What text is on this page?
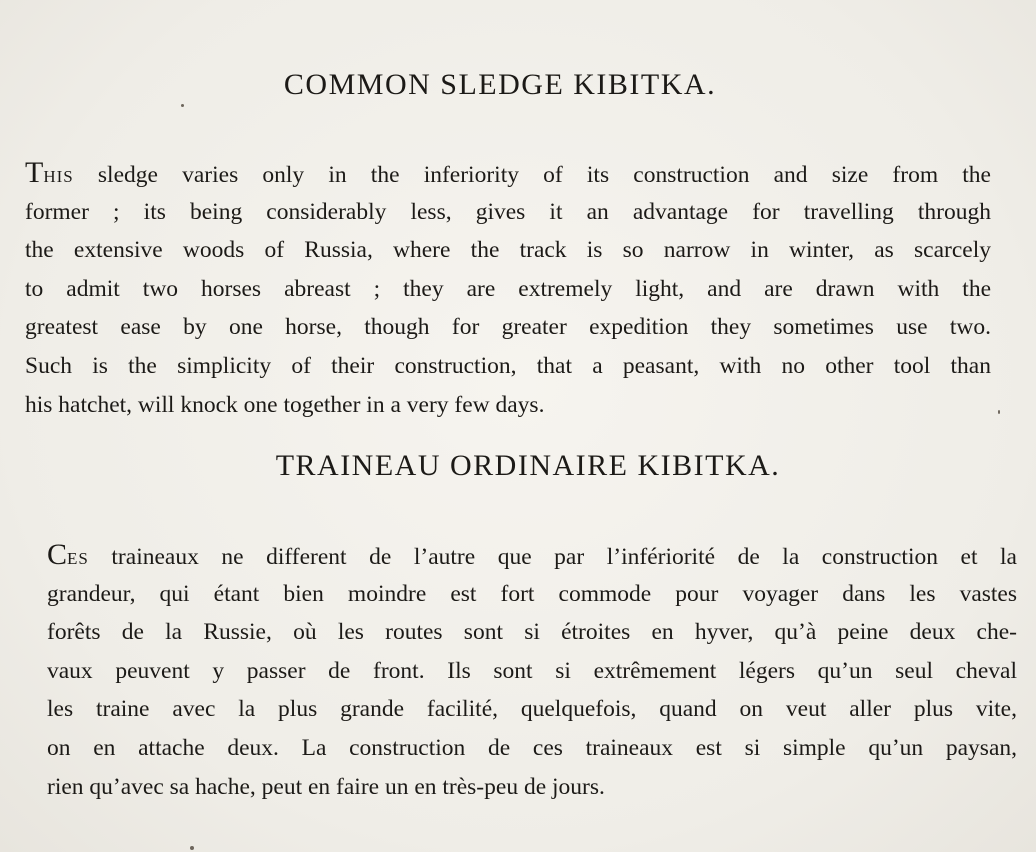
COMMON SLEDGE KIBITKA.

THIS sledge varies only in the inferiority of its construction and size from the
former ; its being considerably less, gives it an advantage for travelling through
the extensive woods of Russia, where the track is so narrow in winter, as scarcely
to admit two horses abreast ; they are extremely light, and are drawn with the
greatest ease by one horse, though for greater expedition they sometimes use two.
Such is the simplicity of their construction, that a peasant, with no other tool than
his hatchet, will knock one together in a very few days.

TRAINEAU ORDINAIRE KIBITKA.

CES traineaux ne different de l’autre que par l’infériorité de la construction et la
grandeur, qui étant bien moindre est fort commode pour voyager dans les vastes
forêts de la Russie, où les routes sont si étroites en hyver, qu’à peine deux che-
vaux peuvent y passer de front. Ils sont si extrêmement légers qu’un seul cheval
les traine avec la plus grande facilité, quelquefois, quand on veut aller plus vite,
on en attache deux. La construction de ces traineaux est si simple qu’un paysan,
rien qu’avec sa hache, peut en faire un en très-peu de jours.
